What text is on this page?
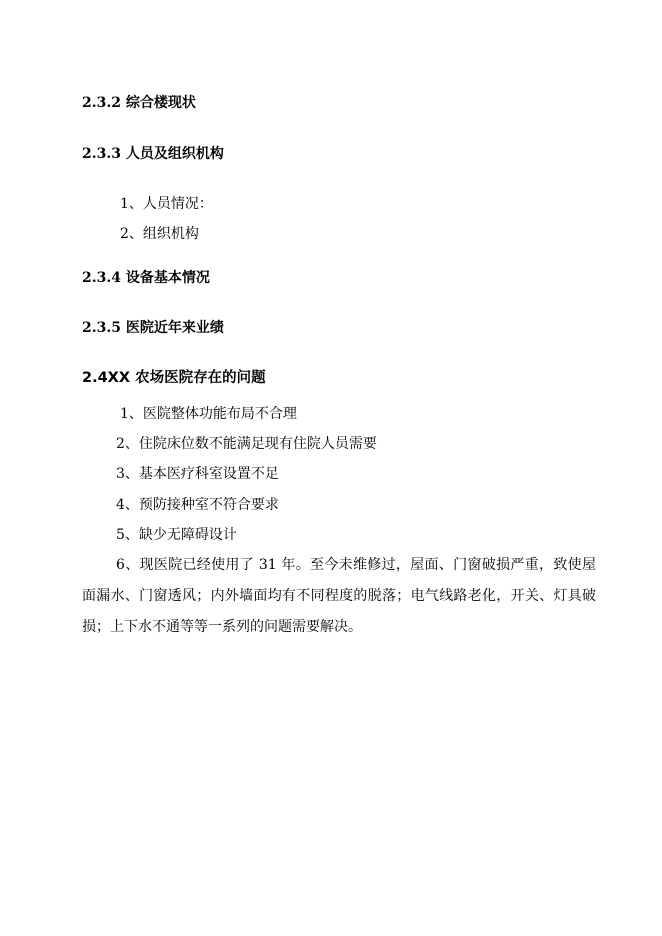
2.3.2 综合楼现状
2.3.3 人员及组织机构
1、人员情况：
2、组织机构
2.3.4 设备基本情况
2.3.5 医院近年来业绩
2.4XX 农场医院存在的问题
1、医院整体功能布局不合理
2、住院床位数不能满足现有住院人员需要
3、基本医疗科室设置不足
4、预防接种室不符合要求
5、缺少无障碍设计
6、现医院已经使用了 31 年。至今未维修过，屋面、门窗破损严重，致使屋面漏水、门窗透风；内外墙面均有不同程度的脱落；电气线路老化，开关、灯具破损；上下水不通等等一系列的问题需要解决。
